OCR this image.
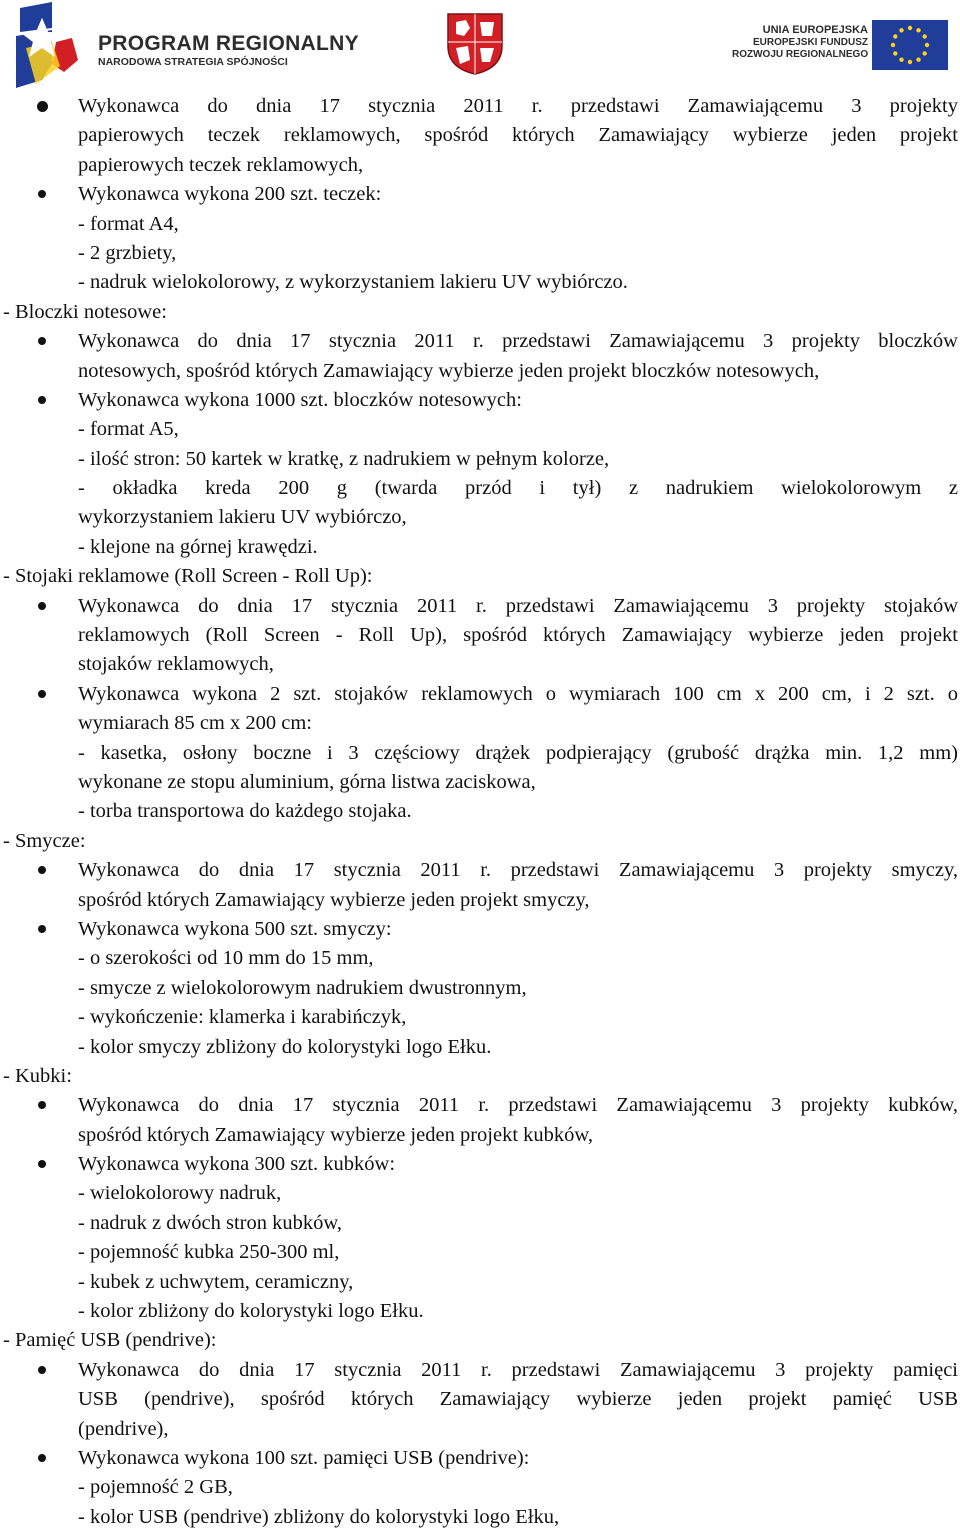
PROGRAM REGIONALNY
NARODOWA STRATEGIA SPÓJNOŚCI
UNIA EUROPEJSKA
EUROPEJSKI FUNDUSZ
ROZWOJU REGIONALNEGO
Wykonawca do dnia 17 stycznia 2011 r. przedstawi Zamawiającemu 3 projekty
papierowych teczek reklamowych, spośród których Zamawiający wybierze jeden projekt
papierowych teczek reklamowych,
Wykonawca wykona 200 szt. teczek:
- format A4,
- 2 grzbiety,
- nadruk wielokolorowy, z wykorzystaniem lakieru UV wybiórczo.
- Bloczki notesowe:
Wykonawca do dnia 17 stycznia 2011 r. przedstawi Zamawiającemu 3 projekty bloczków
notesowych, spośród których Zamawiający wybierze jeden projekt bloczków notesowych,
Wykonawca wykona 1000 szt. bloczków notesowych:
- format A5,
- ilość stron: 50 kartek w kratkę, z nadrukiem w pełnym kolorze,
- okładka kreda 200 g (twarda przód i tył) z nadrukiem wielokolorowym z
wykorzystaniem lakieru UV wybiórczo,
- klejone na górnej krawędzi.
- Stojaki reklamowe (Roll Screen - Roll Up):
Wykonawca do dnia 17 stycznia 2011 r. przedstawi Zamawiającemu 3 projekty stojaków
reklamowych (Roll Screen - Roll Up), spośród których Zamawiający wybierze jeden projekt
stojaków reklamowych,
Wykonawca wykona 2 szt. stojaków reklamowych o wymiarach 100 cm x 200 cm, i 2 szt. o
wymiarach 85 cm x 200 cm:
- kasetka, osłony boczne i 3 częściowy drążek podpierający (grubość drążka min. 1,2 mm)
wykonane ze stopu aluminium, górna listwa zaciskowa,
- torba transportowa do każdego stojaka.
- Smycze:
Wykonawca do dnia 17 stycznia 2011 r. przedstawi Zamawiającemu 3 projekty smyczy,
spośród których Zamawiający wybierze jeden projekt smyczy,
Wykonawca wykona 500 szt. smyczy:
- o szerokości od 10 mm do 15 mm,
- smycze z wielokolorowym nadrukiem dwustronnym,
- wykończenie: klamerka i karabińczyk,
- kolor smyczy zbliżony do kolorystyki logo Ełku.
- Kubki:
Wykonawca do dnia 17 stycznia 2011 r. przedstawi Zamawiającemu 3 projekty kubków,
spośród których Zamawiający wybierze jeden projekt kubków,
Wykonawca wykona 300 szt. kubków:
- wielokolorowy nadruk,
- nadruk z dwóch stron kubków,
- pojemność kubka 250-300 ml,
- kubek z uchwytem, ceramiczny,
- kolor zbliżony do kolorystyki logo Ełku.
- Pamięć USB (pendrive):
Wykonawca do dnia 17 stycznia 2011 r. przedstawi Zamawiającemu 3 projekty pamięci
USB (pendrive), spośród których Zamawiający wybierze jeden projekt pamięć USB
(pendrive),
Wykonawca wykona 100 szt. pamięci USB (pendrive):
- pojemność 2 GB,
- kolor USB (pendrive) zbliżony do kolorystyki logo Ełku,
